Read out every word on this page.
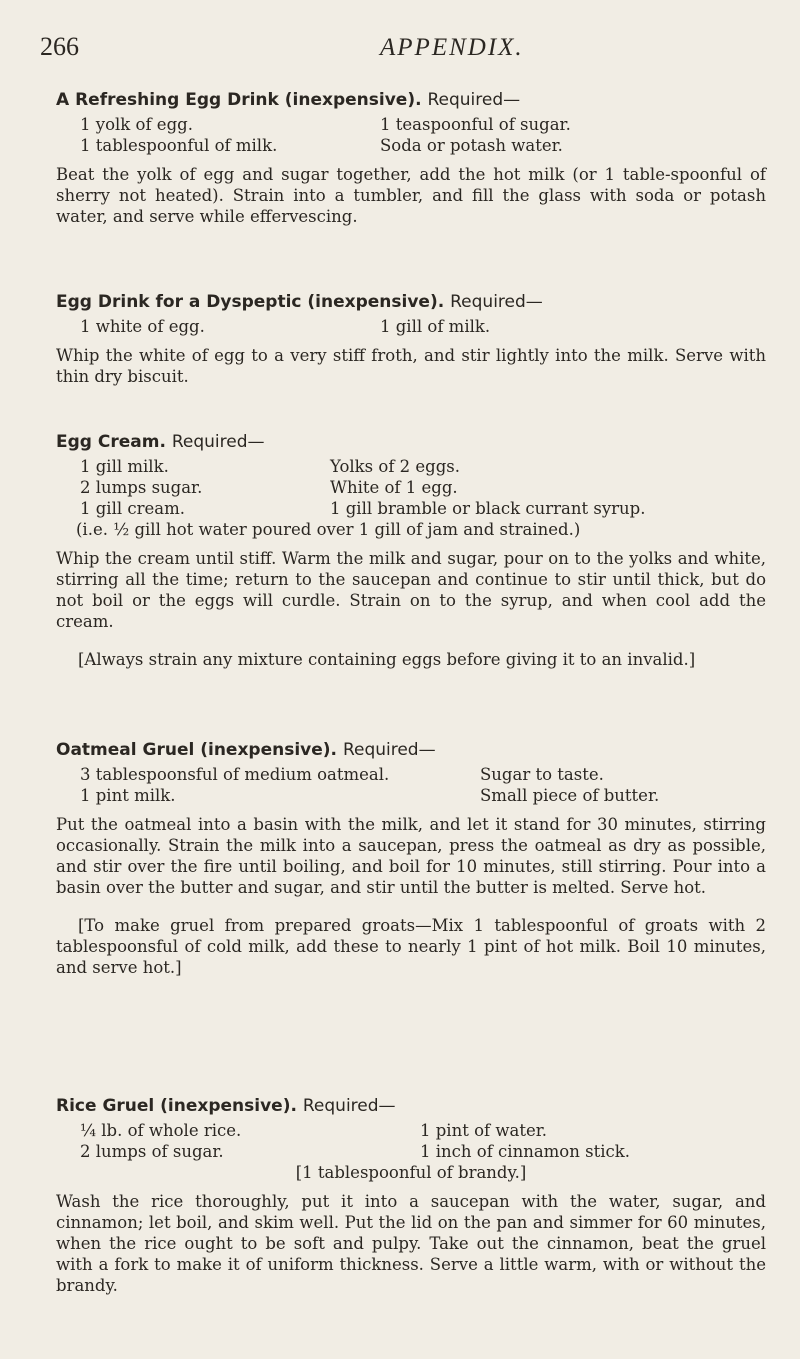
266	APPENDIX.

A Refreshing Egg Drink (inexpensive). Required—

1 yolk of egg.	1 teaspoonful of sugar.
1 tablespoonful of milk.	Soda or potash water.

Beat the yolk of egg and sugar together, add the hot milk (or 1 table-spoonful of sherry not heated). Strain into a tumbler, and fill the glass with soda or potash water, and serve while effervescing.

Egg Drink for a Dyspeptic (inexpensive). Required—

1 white of egg.	1 gill of milk.

Whip the white of egg to a very stiff froth, and stir lightly into the milk. Serve with thin dry biscuit.

Egg Cream. Required—

1 gill milk.	Yolks of 2 eggs.
2 lumps sugar.	White of 1 egg.
1 gill cream.	1 gill bramble or black currant syrup.
(i.e. ½ gill hot water poured over 1 gill of jam and strained.)

Whip the cream until stiff. Warm the milk and sugar, pour on to the yolks and white, stirring all the time; return to the saucepan and continue to stir until thick, but do not boil or the eggs will curdle. Strain on to the syrup, and when cool add the cream.

[Always strain any mixture containing eggs before giving it to an invalid.]

Oatmeal Gruel (inexpensive). Required—

3 tablespoonsful of medium oatmeal.	Sugar to taste.
1 pint milk.	Small piece of butter.

Put the oatmeal into a basin with the milk, and let it stand for 30 minutes, stirring occasionally. Strain the milk into a saucepan, press the oatmeal as dry as possible, and stir over the fire until boiling, and boil for 10 minutes, still stirring. Pour into a basin over the butter and sugar, and stir until the butter is melted. Serve hot.

[To make gruel from prepared groats—Mix 1 tablespoonful of groats with 2 tablespoonsful of cold milk, add these to nearly 1 pint of hot milk. Boil 10 minutes, and serve hot.]

Rice Gruel (inexpensive). Required—

¼ lb. of whole rice.	1 pint of water.
2 lumps of sugar.	1 inch of cinnamon stick.
[1 tablespoonful of brandy.]

Wash the rice thoroughly, put it into a saucepan with the water, sugar, and cinnamon; let boil, and skim well. Put the lid on the pan and simmer for 60 minutes, when the rice ought to be soft and pulpy. Take out the cinnamon, beat the gruel with a fork to make it of uniform thickness. Serve a little warm, with or without the brandy.
